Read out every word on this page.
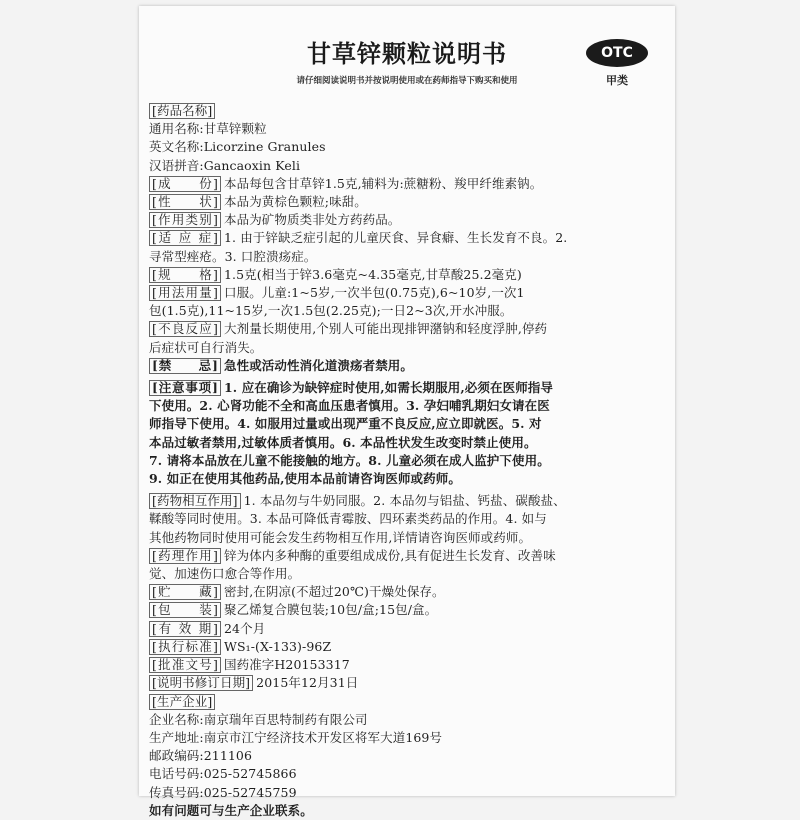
甘草锌颗粒说明书
请仔细阅读说明书并按说明使用或在药师指导下购买和使用
OTC
甲类
[药品名称]
通用名称:甘草锌颗粒
英文名称:Licorzine Granules
汉语拼音:Gancaoxin Keli
[成　　份] 本品每包含甘草锌1.5克,辅料为:蔗糖粉、羧甲纤维素钠。
[性　　状] 本品为黄棕色颗粒;味甜。
[作用类别] 本品为矿物质类非处方药药品。
[适 应 症] 1. 由于锌缺乏症引起的儿童厌食、异食癖、生长发育不良。2.
寻常型痤疮。3. 口腔溃疡症。
[规　　格] 1.5克(相当于锌3.6毫克~4.35毫克,甘草酸25.2毫克)
[用法用量] 口服。儿童:1~5岁,一次半包(0.75克),6~10岁,一次1
包(1.5克),11~15岁,一次1.5包(2.25克);一日2~3次,开水冲服。
[不良反应] 大剂量长期使用,个别人可能出现排钾潴钠和轻度浮肿,停药
后症状可自行消失。
[禁　　忌] 急性或活动性消化道溃疡者禁用。
[注意事项] 1. 应在确诊为缺锌症时使用,如需长期服用,必须在医师指导
下使用。2. 心肾功能不全和高血压患者慎用。3. 孕妇哺乳期妇女请在医
师指导下使用。4. 如服用过量或出现严重不良反应,应立即就医。5. 对
本品过敏者禁用,过敏体质者慎用。6. 本品性状发生改变时禁止使用。
7. 请将本品放在儿童不能接触的地方。8. 儿童必须在成人监护下使用。
9. 如正在使用其他药品,使用本品前请咨询医师或药师。
[药物相互作用] 1. 本品勿与牛奶同服。2. 本品勿与铝盐、钙盐、碳酸盐、
鞣酸等同时使用。3. 本品可降低青霉胺、四环素类药品的作用。4. 如与
其他药物同时使用可能会发生药物相互作用,详情请咨询医师或药师。
[药理作用] 锌为体内多种酶的重要组成成份,具有促进生长发育、改善味
觉、加速伤口愈合等作用。
[贮　　藏] 密封,在阴凉(不超过20℃)干燥处保存。
[包　　装] 聚乙烯复合膜包装;10包/盒;15包/盒。
[有 效 期] 24个月
[执行标准] WS₁-(X-133)-96Z
[批准文号] 国药准字H20153317
[说明书修订日期] 2015年12月31日
[生产企业]
企业名称:南京瑞年百思特制药有限公司
生产地址:南京市江宁经济技术开发区将军大道169号
邮政编码:211106
电话号码:025-52745866
传真号码:025-52745759
如有问题可与生产企业联系。
